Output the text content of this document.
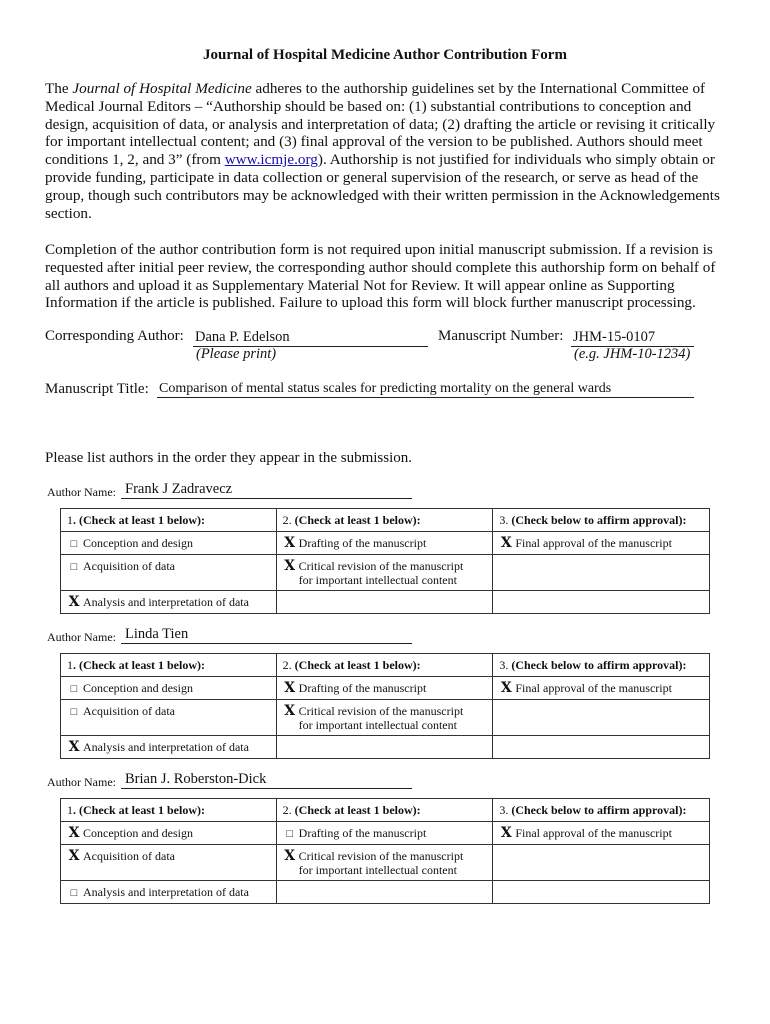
Journal of Hospital Medicine Author Contribution Form
The Journal of Hospital Medicine adheres to the authorship guidelines set by the International Committee of Medical Journal Editors – “Authorship should be based on: (1) substantial contributions to conception and design, acquisition of data, or analysis and interpretation of data; (2) drafting the article or revising it critically for important intellectual content; and (3) final approval of the version to be published. Authors should meet conditions 1, 2, and 3” (from www.icmje.org). Authorship is not justified for individuals who simply obtain or provide funding, participate in data collection or general supervision of the research, or serve as head of the group, though such contributors may be acknowledged with their written permission in the Acknowledgements section.
Completion of the author contribution form is not required upon initial manuscript submission. If a revision is requested after initial peer review, the corresponding author should complete this authorship form on behalf of all authors and upload it as Supplementary Material Not for Review. It will appear online as Supporting Information if the article is published. Failure to upload this form will block further manuscript processing.
Corresponding Author: Dana P. Edelson
(Please print)
Manuscript Number: JHM-15-0107
(e.g. JHM-10-1234)
Manuscript Title: Comparison of mental status scales for predicting mortality on the general wards
Please list authors in the order they appear in the submission.
Author Name: Frank J Zadravecz
1. (Check at least 1 below):	2. (Check at least 1 below):	3. (Check below to affirm approval):
□ Conception and design	X Drafting of the manuscript	X Final approval of the manuscript
□ Acquisition of data	X Critical revision of the manuscript
for important intellectual content	

X Analysis and interpretation of data		
Author Name: Linda Tien
1. (Check at least 1 below):	2. (Check at least 1 below):	3. (Check below to affirm approval):
□ Conception and design	X Drafting of the manuscript	X Final approval of the manuscript
□ Acquisition of data	X Critical revision of the manuscript
for important intellectual content	

X Analysis and interpretation of data		
Author Name: Brian J. Roberston-Dick
1. (Check at least 1 below):	2. (Check at least 1 below):	3. (Check below to affirm approval):
X Conception and design	□ Drafting of the manuscript	X Final approval of the manuscript
X Acquisition of data	X Critical revision of the manuscript
for important intellectual content	

□ Analysis and interpretation of data		
